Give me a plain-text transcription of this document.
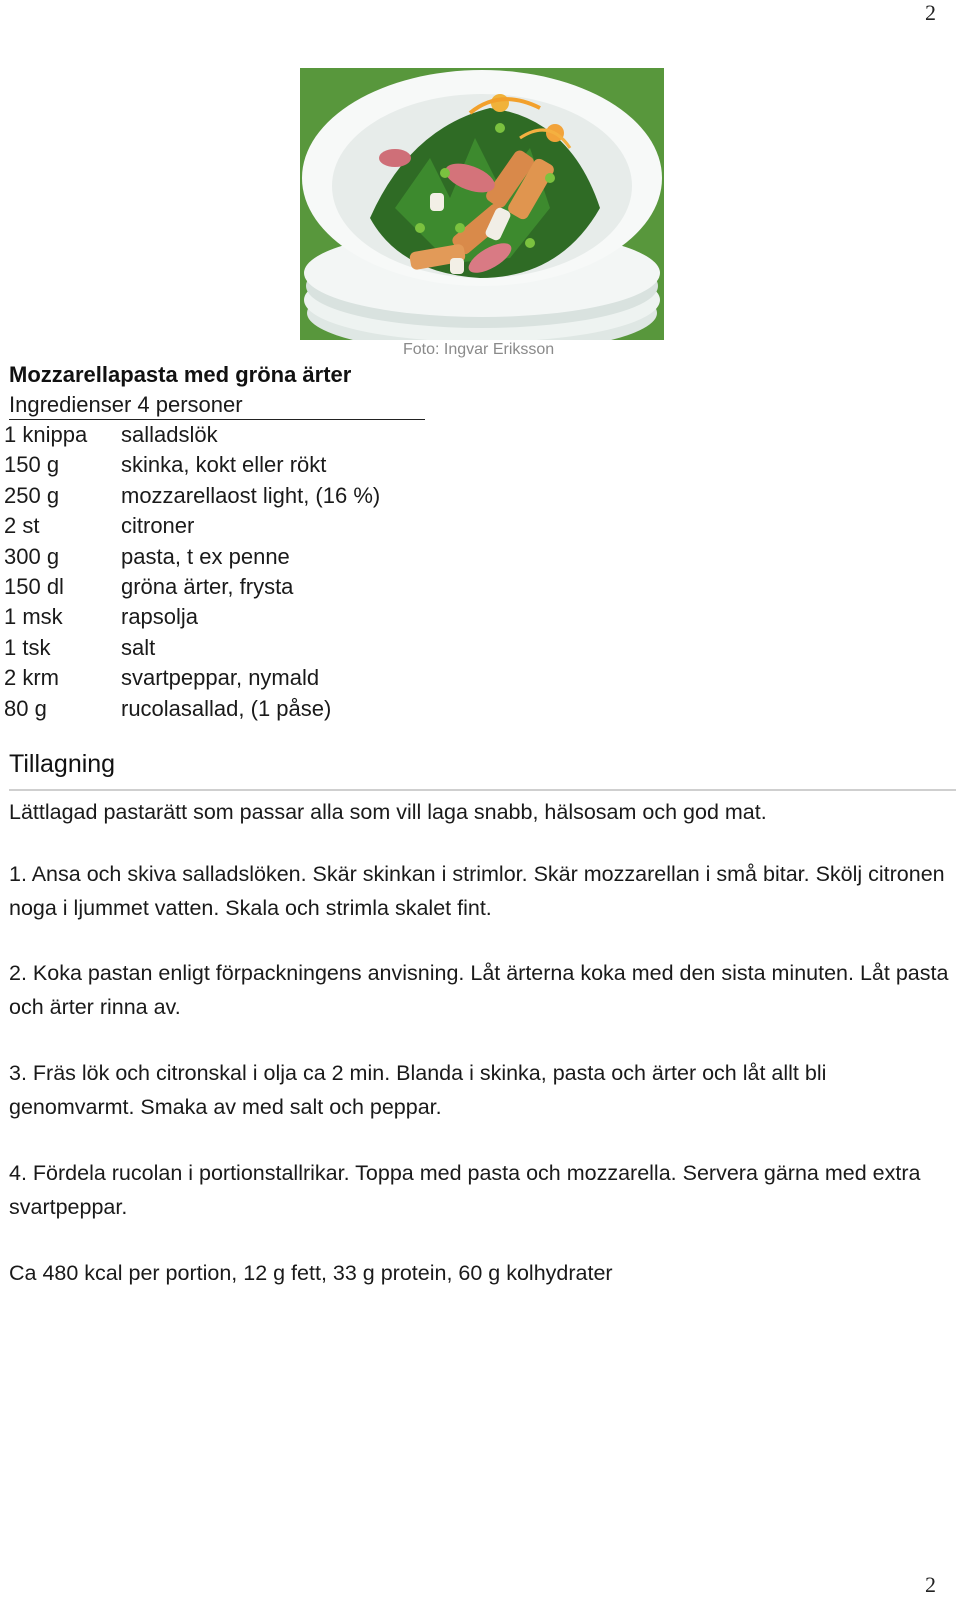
2
Foto: Ingvar Eriksson
Mozzarellapasta med gröna ärter
Ingredienser 4 personer
1 knippa salladslök
150 g	skinka, kokt eller rökt
250 g	mozzarellaost light, (16 %)
2 st	citroner
300 g	pasta, t ex penne
150 dl	gröna ärter, frysta
1 msk	rapsolja
1 tsk	salt
2 krm	svartpeppar, nymald
80 g	rucolasallad, (1 påse)
Tillagning
Lättlagad pastarätt som passar alla som vill laga snabb, hälsosam och god mat.
1. Ansa och skiva salladslöken. Skär skinkan i strimlor. Skär mozzarellan i små bitar. Skölj citronen noga i ljummet vatten. Skala och strimla skalet fint.
2. Koka pastan enligt förpackningens anvisning. Låt ärterna koka med den sista minuten. Låt pasta och ärter rinna av.
3. Fräs lök och citronskal i olja ca 2 min. Blanda i skinka, pasta och ärter och låt allt bli genomvarmt. Smaka av med salt och peppar.
4. Fördela rucolan i portionstallrikar. Toppa med pasta och mozzarella. Servera gärna med extra svartpeppar.
Ca 480 kcal per portion, 12 g fett, 33 g protein, 60 g kolhydrater
2
